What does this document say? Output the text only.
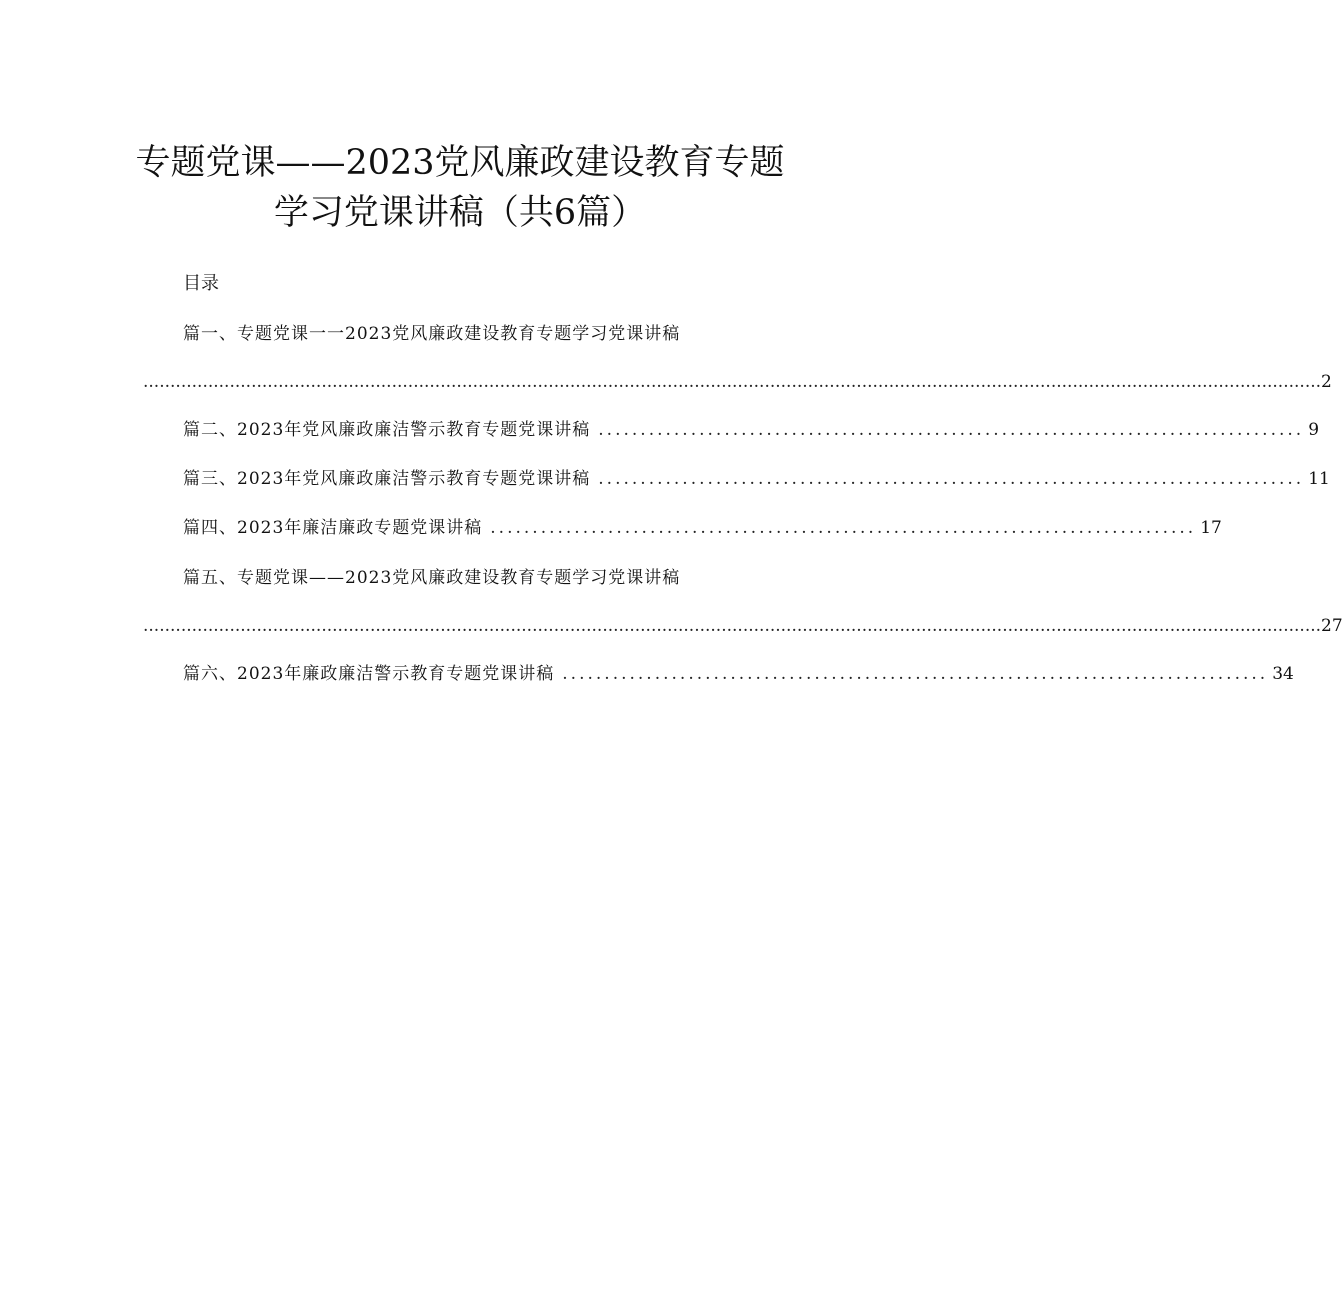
专题党课——2023党风廉政建设教育专题
学习党课讲稿（共6篇）
目录
篇一、专题党课一一2023党风廉政建设教育专题学习党课讲稿
.......................................................................................................................................................................................................................... 2
篇二、2023年党风廉政廉洁警示教育专题党课讲稿 .................................................................................... 9
篇三、2023年党风廉政廉洁警示教育专题党课讲稿 .................................................................................... 11
篇四、2023年廉洁廉政专题党课讲稿 .................................................................................... 17
篇五、专题党课——2023党风廉政建设教育专题学习党课讲稿
.......................................................................................................................................................................................................................... 27
篇六、2023年廉政廉洁警示教育专题党课讲稿 .................................................................................... 34
